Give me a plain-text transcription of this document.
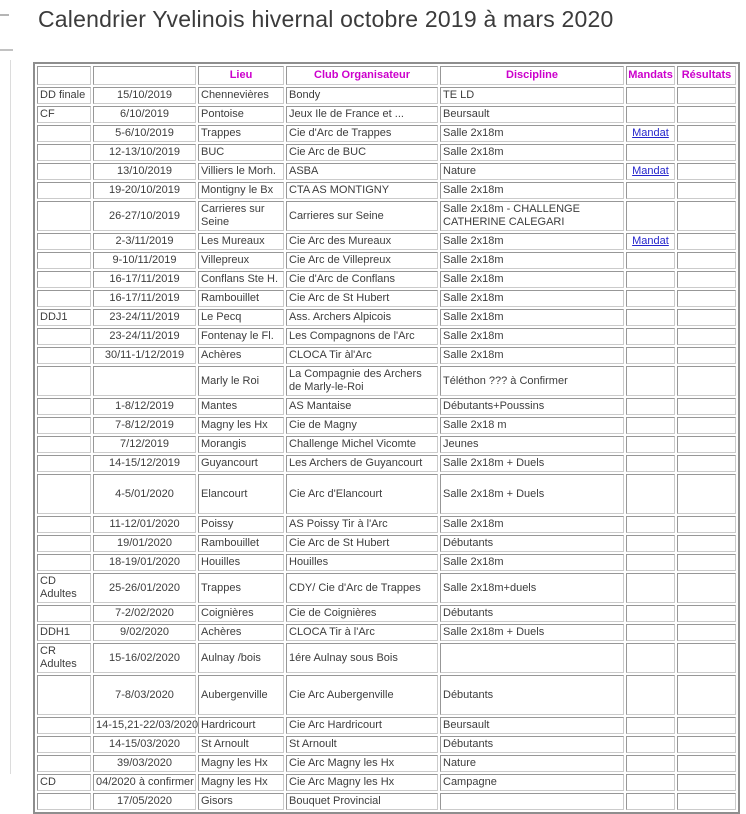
Calendrier Yvelinois hivernal octobre 2019 à mars 2020
		Lieu	Club Organisateur	Discipline	Mandats	Résultats
DD finale	15/10/2019	Chennevières	Bondy	TE LD		
CF	6/10/2019	Pontoise	Jeux Ile de France et ...	Beursault		
	5-6/10/2019	Trappes	Cie d'Arc de Trappes	Salle 2x18m	Mandat	
	12-13/10/2019	BUC	Cie Arc de BUC	Salle 2x18m		
	13/10/2019	Villiers le Morh.	ASBA	Nature	Mandat	
	19-20/10/2019	Montigny le Bx	CTA AS MONTIGNY	Salle 2x18m		
	26-27/10/2019	Carrieres sur Seine	Carrieres sur Seine	Salle 2x18m - CHALLENGE CATHERINE CALEGARI		
	2-3/11/2019	Les Mureaux	Cie Arc des Mureaux	Salle 2x18m	Mandat	
	9-10/11/2019	Villepreux	Cie Arc de Villepreux	Salle 2x18m		
	16-17/11/2019	Conflans Ste H.	Cie d'Arc de Conflans	Salle 2x18m		
	16-17/11/2019	Rambouillet	Cie Arc de St Hubert	Salle 2x18m		
DDJ1	23-24/11/2019	Le Pecq	Ass. Archers Alpicois	Salle 2x18m		
	23-24/11/2019	Fontenay le Fl.	Les Compagnons de l'Arc	Salle 2x18m		
	30/11-1/12/2019	Achères	CLOCA Tir àl'Arc	Salle 2x18m		
		Marly le Roi	La Compagnie des Archers de Marly-le-Roi	Téléthon ??? à Confirmer		
	1-8/12/2019	Mantes	AS Mantaise	Débutants+Poussins		
	7-8/12/2019	Magny les Hx	Cie de Magny	Salle 2x18 m		
	7/12/2019	Morangis	Challenge Michel Vicomte	Jeunes		
	14-15/12/2019	Guyancourt	Les Archers de Guyancourt	Salle 2x18m + Duels		
	4-5/01/2020	Elancourt	Cie Arc d'Elancourt	Salle 2x18m + Duels		
	11-12/01/2020	Poissy	AS Poissy Tir à l'Arc	Salle 2x18m		
	19/01/2020	Rambouillet	Cie Arc de St Hubert	Débutants		
	18-19/01/2020	Houilles	Houilles	Salle 2x18m		
CD Adultes	25-26/01/2020	Trappes	CDY/ Cie d'Arc de Trappes	Salle 2x18m+duels		
	7-2/02/2020	Coignières	Cie de Coignières	Débutants		
DDH1	9/02/2020	Achères	CLOCA Tir à l'Arc	Salle 2x18m + Duels		
CR Adultes	15-16/02/2020	Aulnay /bois	1ére Aulnay sous Bois			
	7-8/03/2020	Aubergenville	Cie Arc Aubergenville	Débutants		
	14-15,21-22/03/2020	Hardricourt	Cie Arc Hardricourt	Beursault		
	14-15/03/2020	St Arnoult	St Arnoult	Débutants		
	39/03/2020	Magny les Hx	Cie Arc Magny les Hx	Nature		
CD	04/2020 à confirmer	Magny les Hx	Cie Arc Magny les Hx	Campagne		
	17/05/2020	Gisors	Bouquet Provincial			
